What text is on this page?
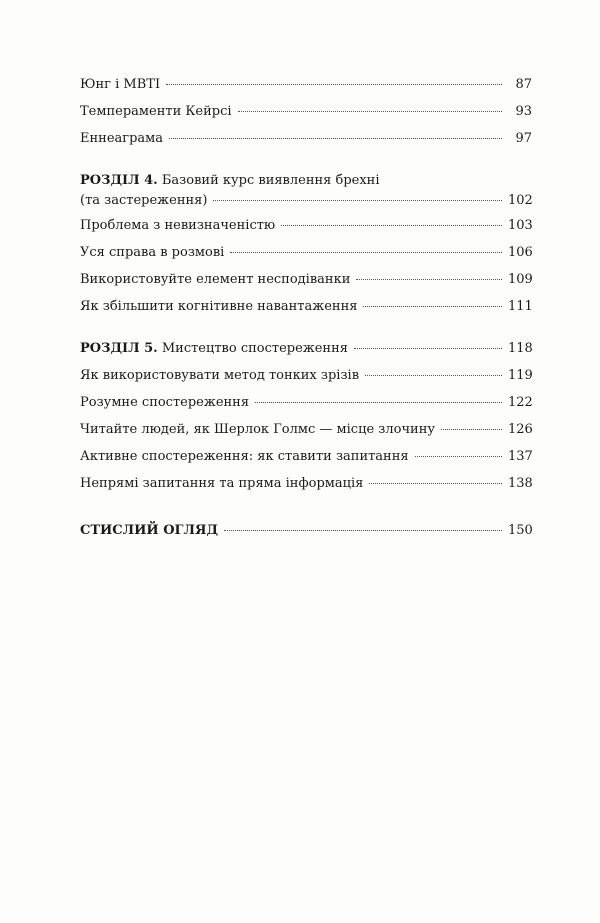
Юнг і MBTI	87
Темпераменти Кейрсі	93
Еннеаграма	97
РОЗДІЛ 4. Базовий курс виявлення брехні
(та застереження)	102
Проблема з невизначеністю	103
Уся справа в розмові	106
Використовуйте елемент несподіванки	109
Як збільшити когнітивне навантаження	111
РОЗДІЛ 5. Мистецтво спостереження	118
Як використовувати метод тонких зрізів	119
Розумне спостереження	122
Читайте людей, як Шерлок Голмс — місце злочину	126
Активне спостереження: як ставити запитання	137
Непрямі запитання та пряма інформація	138
СТИСЛИЙ ОГЛЯД	150
